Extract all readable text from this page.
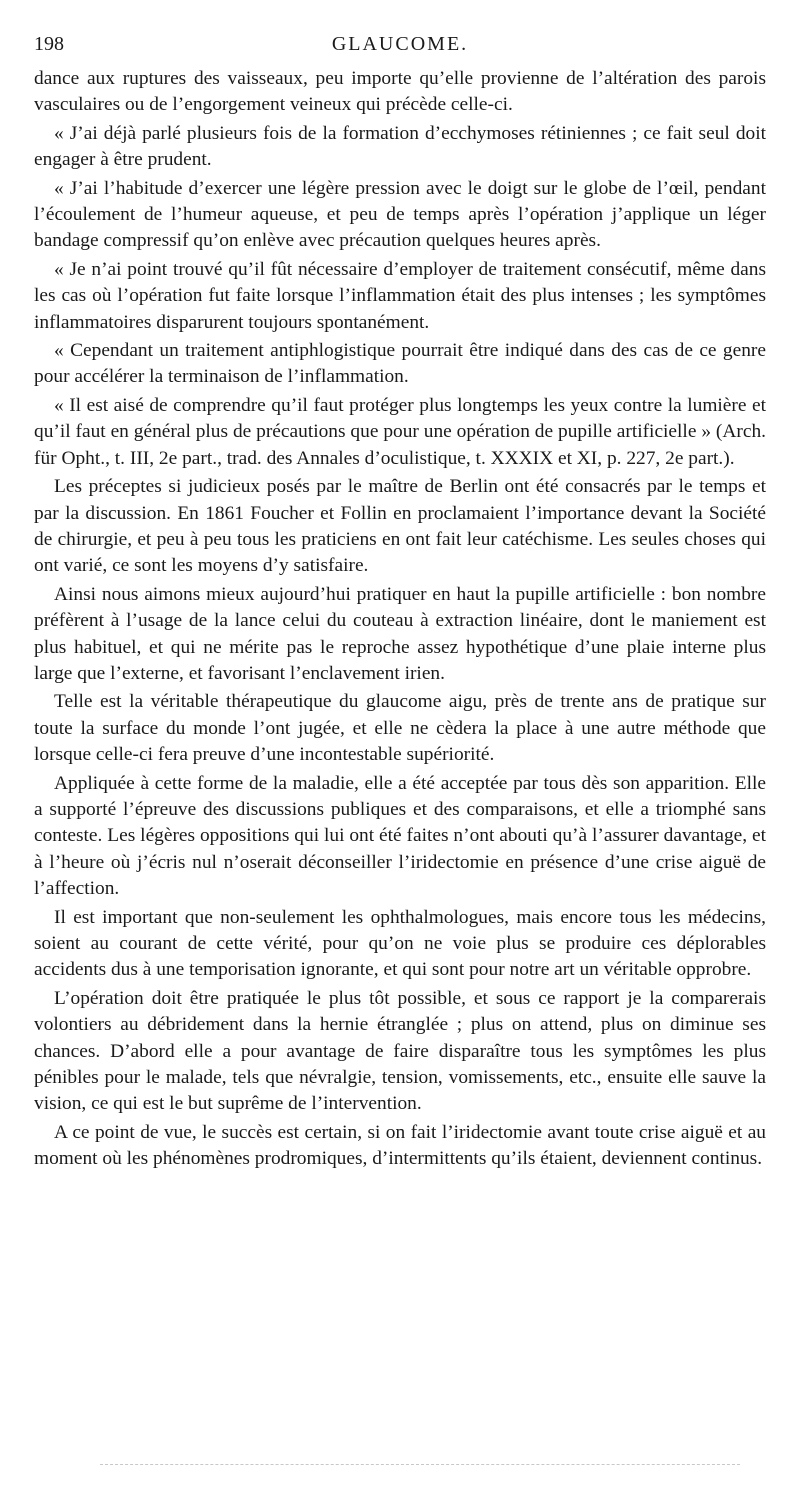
198	GLAUCOME.

dance aux ruptures des vaisseaux, peu importe qu’elle provienne de l’altération des parois vasculaires ou de l’engorgement veineux qui précède celle-ci.

« J’ai déjà parlé plusieurs fois de la formation d’ecchymoses rétiniennes ; ce fait seul doit engager à être prudent.

« J’ai l’habitude d’exercer une légère pression avec le doigt sur le globe de l’œil, pendant l’écoulement de l’humeur aqueuse, et peu de temps après l’opération j’applique un léger bandage compressif qu’on enlève avec précaution quelques heures après.

« Je n’ai point trouvé qu’il fût nécessaire d’employer de traitement consécutif, même dans les cas où l’opération fut faite lorsque l’inflammation était des plus intenses ; les symptômes inflammatoires disparurent toujours spontanément.

« Cependant un traitement antiphlogistique pourrait être indiqué dans des cas de ce genre pour accélérer la terminaison de l’inflammation.

« Il est aisé de comprendre qu’il faut protéger plus longtemps les yeux contre la lumière et qu’il faut en général plus de précautions que pour une opération de pupille artificielle » (Arch. für Opht., t. III, 2e part., trad. des Annales d’oculistique, t. XXXIX et XI, p. 227, 2e part.).

Les préceptes si judicieux posés par le maître de Berlin ont été consacrés par le temps et par la discussion. En 1861 Foucher et Follin en proclamaient l’importance devant la Société de chirurgie, et peu à peu tous les praticiens en ont fait leur catéchisme. Les seules choses qui ont varié, ce sont les moyens d’y satisfaire.

Ainsi nous aimons mieux aujourd’hui pratiquer en haut la pupille artificielle : bon nombre préfèrent à l’usage de la lance celui du couteau à extraction linéaire, dont le maniement est plus habituel, et qui ne mérite pas le reproche assez hypothétique d’une plaie interne plus large que l’externe, et favorisant l’enclavement irien.

Telle est la véritable thérapeutique du glaucome aigu, près de trente ans de pratique sur toute la surface du monde l’ont jugée, et elle ne cèdera la place à une autre méthode que lorsque celle-ci fera preuve d’une incontestable supériorité.

Appliquée à cette forme de la maladie, elle a été acceptée par tous dès son apparition. Elle a supporté l’épreuve des discussions publiques et des comparaisons, et elle a triomphé sans conteste. Les légères oppositions qui lui ont été faites n’ont abouti qu’à l’assurer davantage, et à l’heure où j’écris nul n’oserait déconseiller l’iridectomie en présence d’une crise aiguë de l’affection.

Il est important que non-seulement les ophthalmologues, mais encore tous les médecins, soient au courant de cette vérité, pour qu’on ne voie plus se produire ces déplorables accidents dus à une temporisation ignorante, et qui sont pour notre art un véritable opprobre.

L’opération doit être pratiquée le plus tôt possible, et sous ce rapport je la comparerais volontiers au débridement dans la hernie étranglée ; plus on attend, plus on diminue ses chances. D’abord elle a pour avantage de faire disparaître tous les symptômes les plus pénibles pour le malade, tels que névralgie, tension, vomissements, etc., ensuite elle sauve la vision, ce qui est le but suprême de l’intervention.

A ce point de vue, le succès est certain, si on fait l’iridectomie avant toute crise aiguë et au moment où les phénomènes prodromiques, d’intermittents qu’ils étaient, deviennent continus.
